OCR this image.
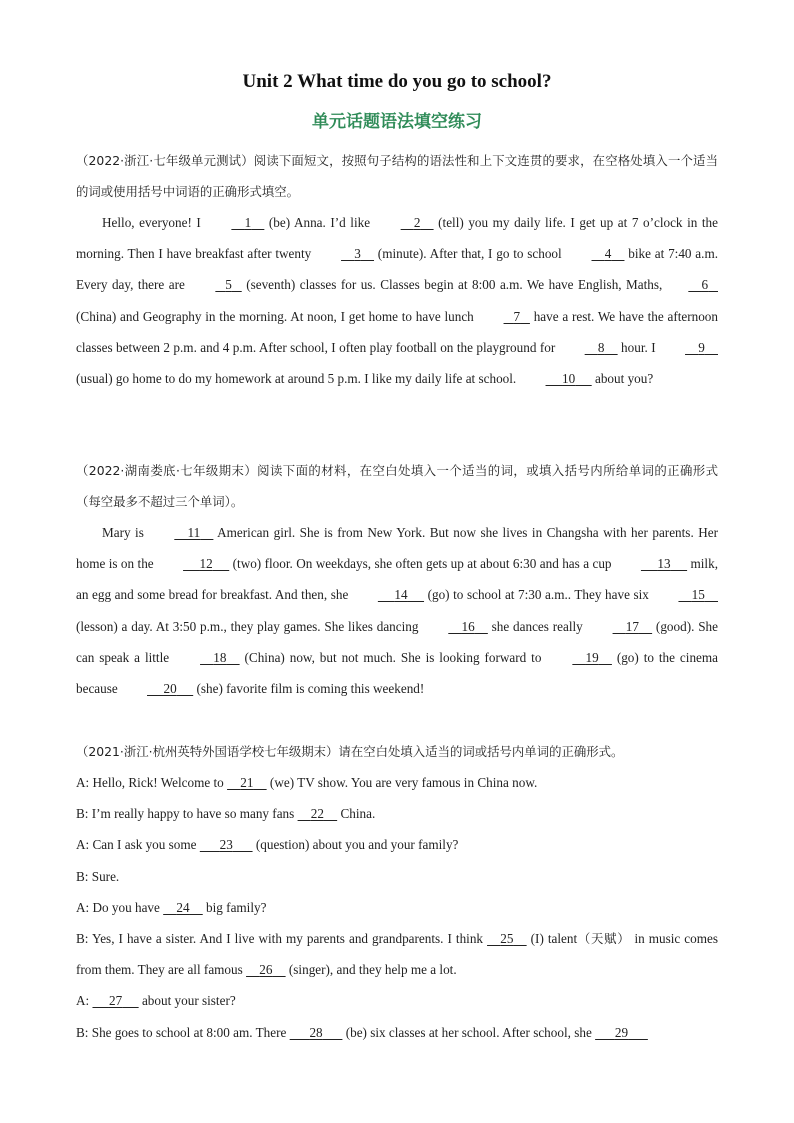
Unit 2 What time do you go to school?
单元话题语法填空练习

（2022·浙江·七年级单元测试）阅读下面短文，按照句子结构的语法性和上下文连贯的要求，在空格处填入一个适当的词或使用括号中词语的正确形式填空。

Hello, everyone! I	1     (be) Anna. I’d like	2     (tell) you my daily life. I get up at 7 o’clock in the morning. Then I have breakfast after twenty	3     (minute). After that, I go to school	4     bike at 7:40 a.m. Every day, there are	5    (seventh) classes for us. Classes begin at 8:00 a.m. We have English, Maths,	6    (China) and Geography in the morning. At noon, I get home to have lunch	7    have a rest. We have the afternoon classes between 2 p.m. and 4 p.m. After school, I often play football on the playground for	8     hour. I	9     (usual) go home to do my homework at around 5 p.m. I like my daily life at school.	10      about you?

（2022·湖南娄底·七年级期末）阅读下面的材料，在空白处填入一个适当的词，或填入括号内所给单词的正确形式（每空最多不超过三个单词）。

Mary is	11     American girl. She is from New York. But now she lives in Changsha with her parents. Her home is on the	12      (two) floor. On weekdays, she often gets up at about 6:30 and has a cup	13      milk, an egg and some bread for breakfast. And then, she	14      (go) to school at 7:30 a.m.. They have six	15     (lesson) a day. At 3:50 p.m., they play games. She likes dancing	16     she dances really	17     (good). She can speak a little	18     (China) now, but not much. She is looking forward to	19     (go) to the cinema because	20      (she) favorite film is coming this weekend!

（2021·浙江·杭州英特外国语学校七年级期末）请在空白处填入适当的词或括号内单词的正确形式。

A: Hello, Rick! Welcome to     21     (we) TV show. You are very famous in China now.

B: I’m really happy to have so many fans     22     China.

A: Can I ask you some       23       (question) about you and your family?

B: Sure.

A: Do you have     24     big family?

B: Yes, I have a sister. And I live with my parents and grandparents. I think     25     (I) talent（天赋） in music comes from them. They are all famous     26     (singer), and they help me a lot.

A:      27      about your sister?

B: She goes to school at 8:00 am. There       28       (be) six classes at her school. After school, she       29
